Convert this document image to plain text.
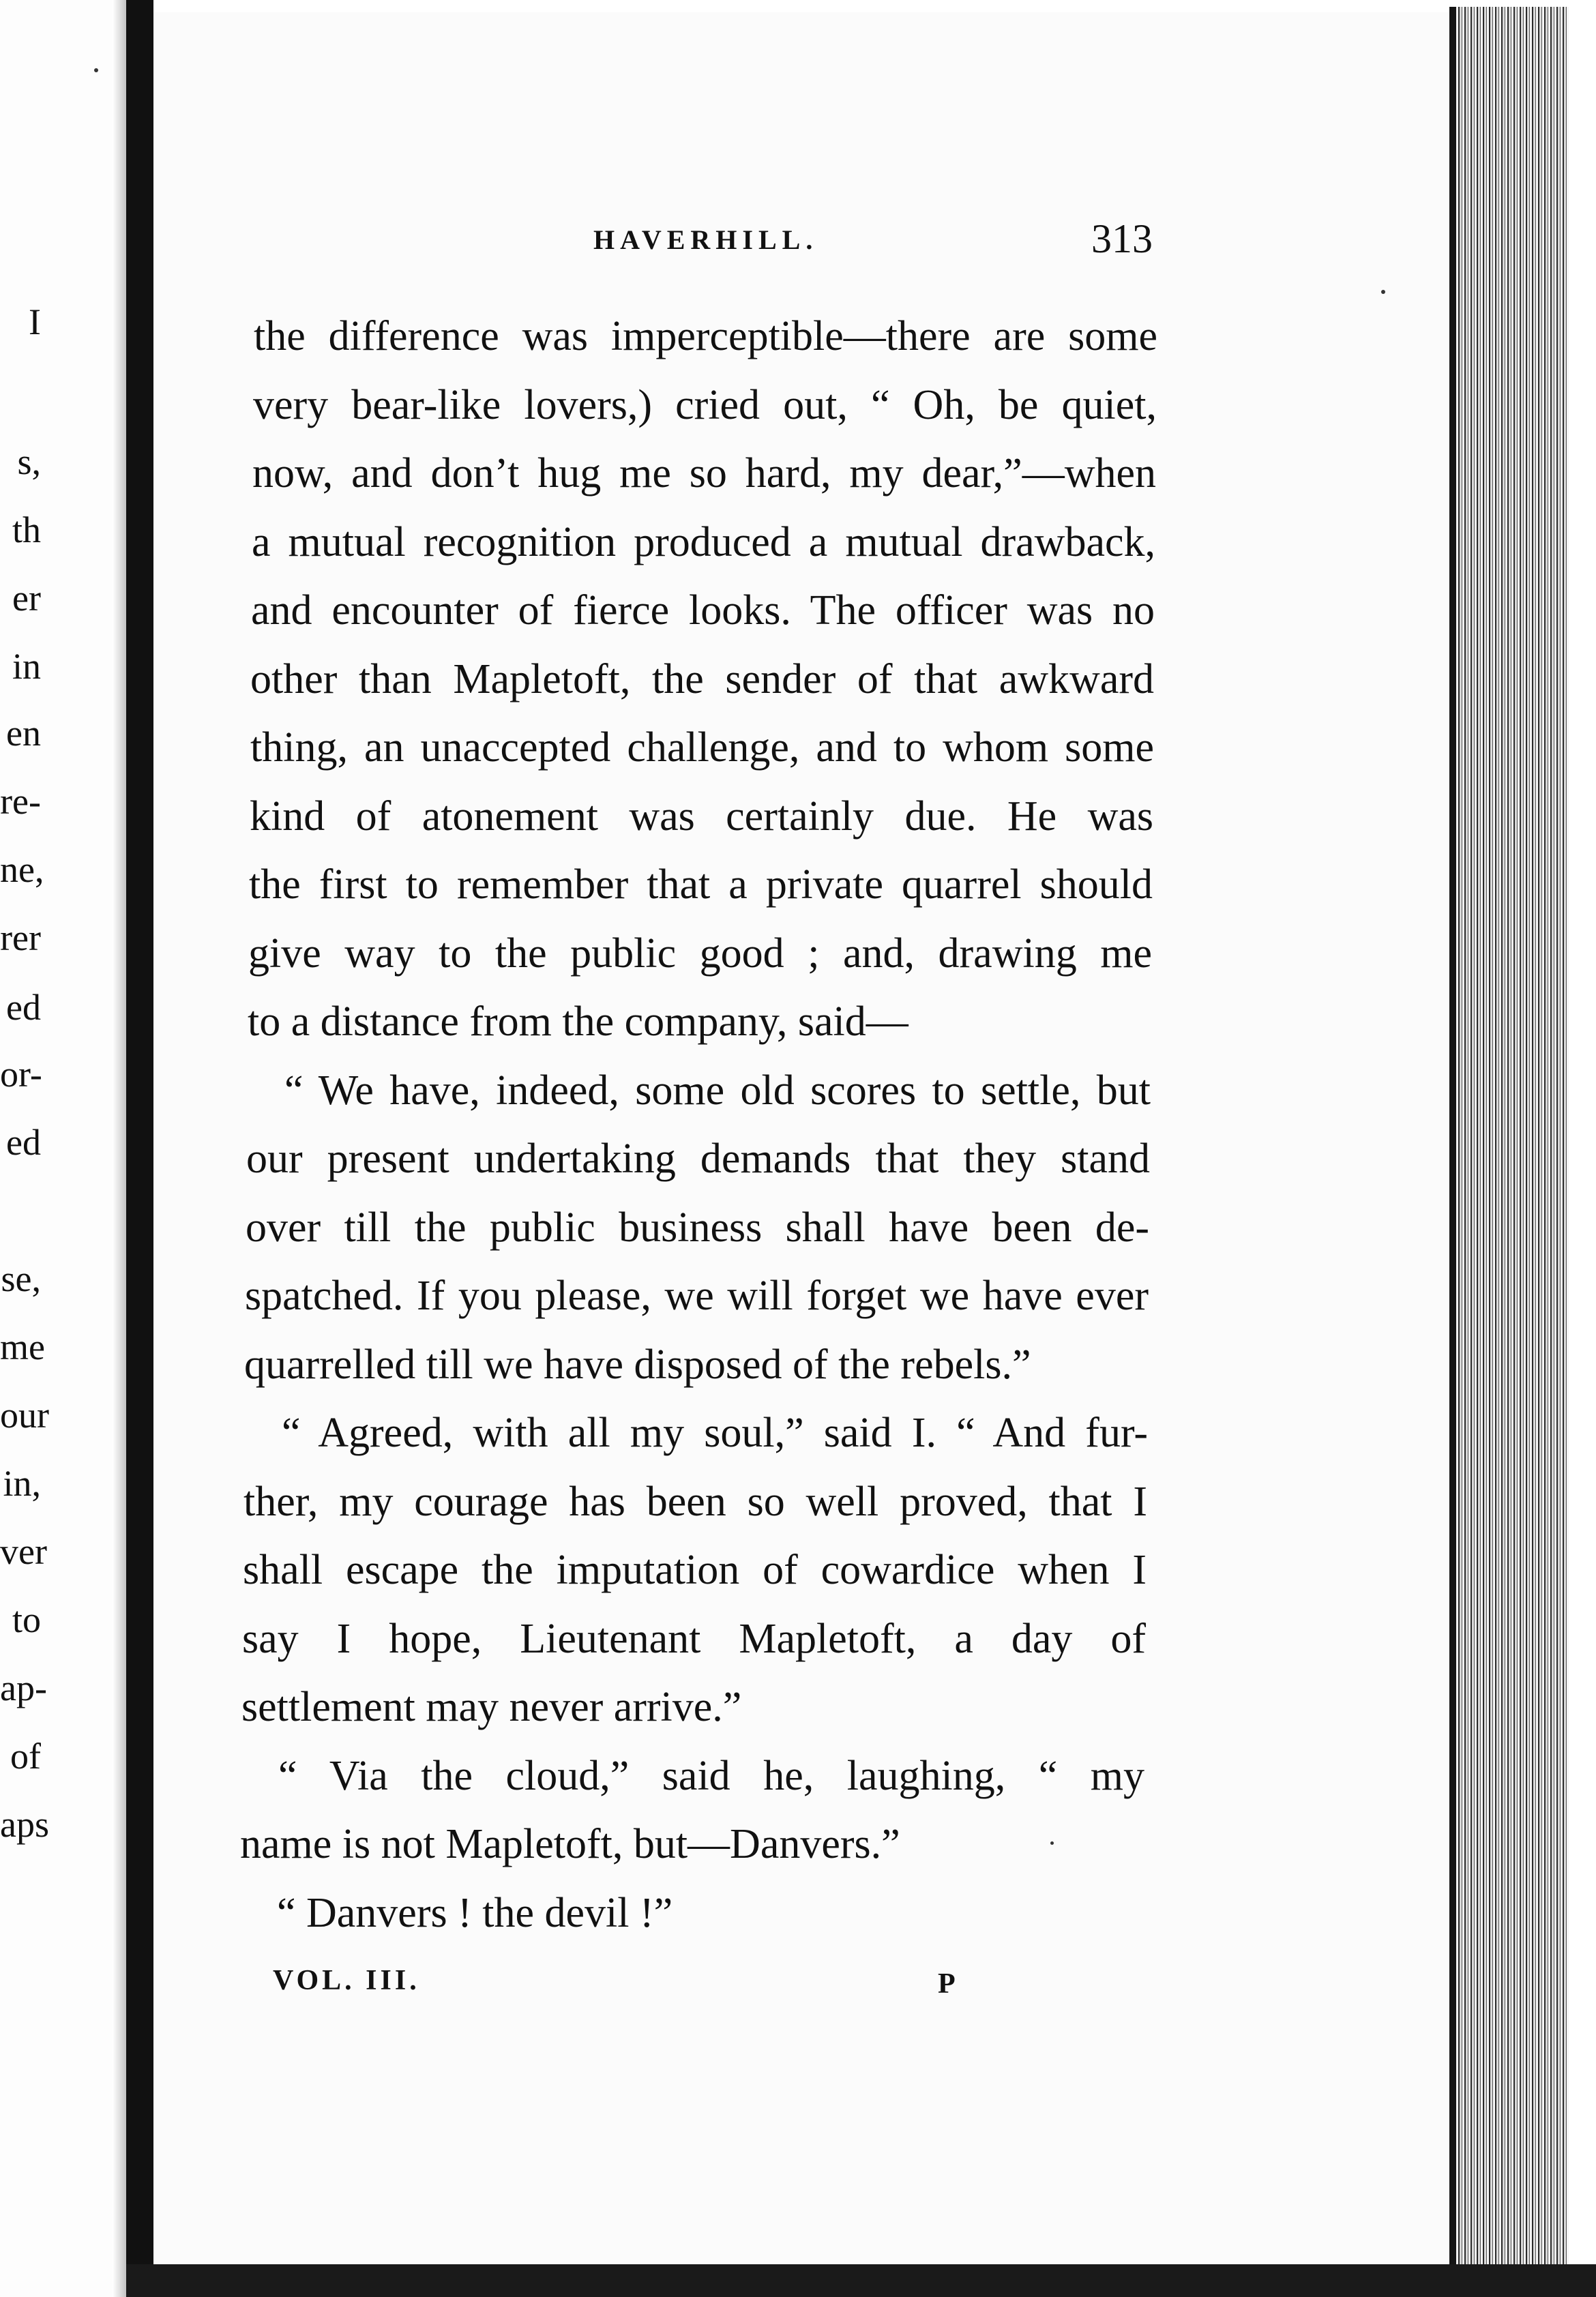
I
s,
th
er
in
en
re-
ne,
rer
ed
or-
ed
se,
me
our
in,
ver
to
ap-
of
aps
HAVERHILL.	313
the difference was imperceptible—there are some
very bear-like lovers,) cried out, “ Oh, be quiet,
now, and don’t hug me so hard, my dear,”—when
a mutual recognition produced a mutual drawback,
and encounter of fierce looks. The officer was no
other than Mapletoft, the sender of that awkward
thing, an unaccepted challenge, and to whom some
kind of atonement was certainly due. He was
the first to remember that a private quarrel should
give way to the public good ; and, drawing me
to a distance from the company, said—
“ We have, indeed, some old scores to settle, but
our present undertaking demands that they stand
over till the public business shall have been de-
spatched. If you please, we will forget we have ever
quarrelled till we have disposed of the rebels.”
“ Agreed, with all my soul,” said I. “ And fur-
ther, my courage has been so well proved, that I
shall escape the imputation of cowardice when I
say I hope, Lieutenant Mapletoft, a day of
settlement may never arrive.”
“ Via the cloud,” said he, laughing, “ my
name is not Mapletoft, but—Danvers.”
“ Danvers ! the devil !”
VOL. III.	P
